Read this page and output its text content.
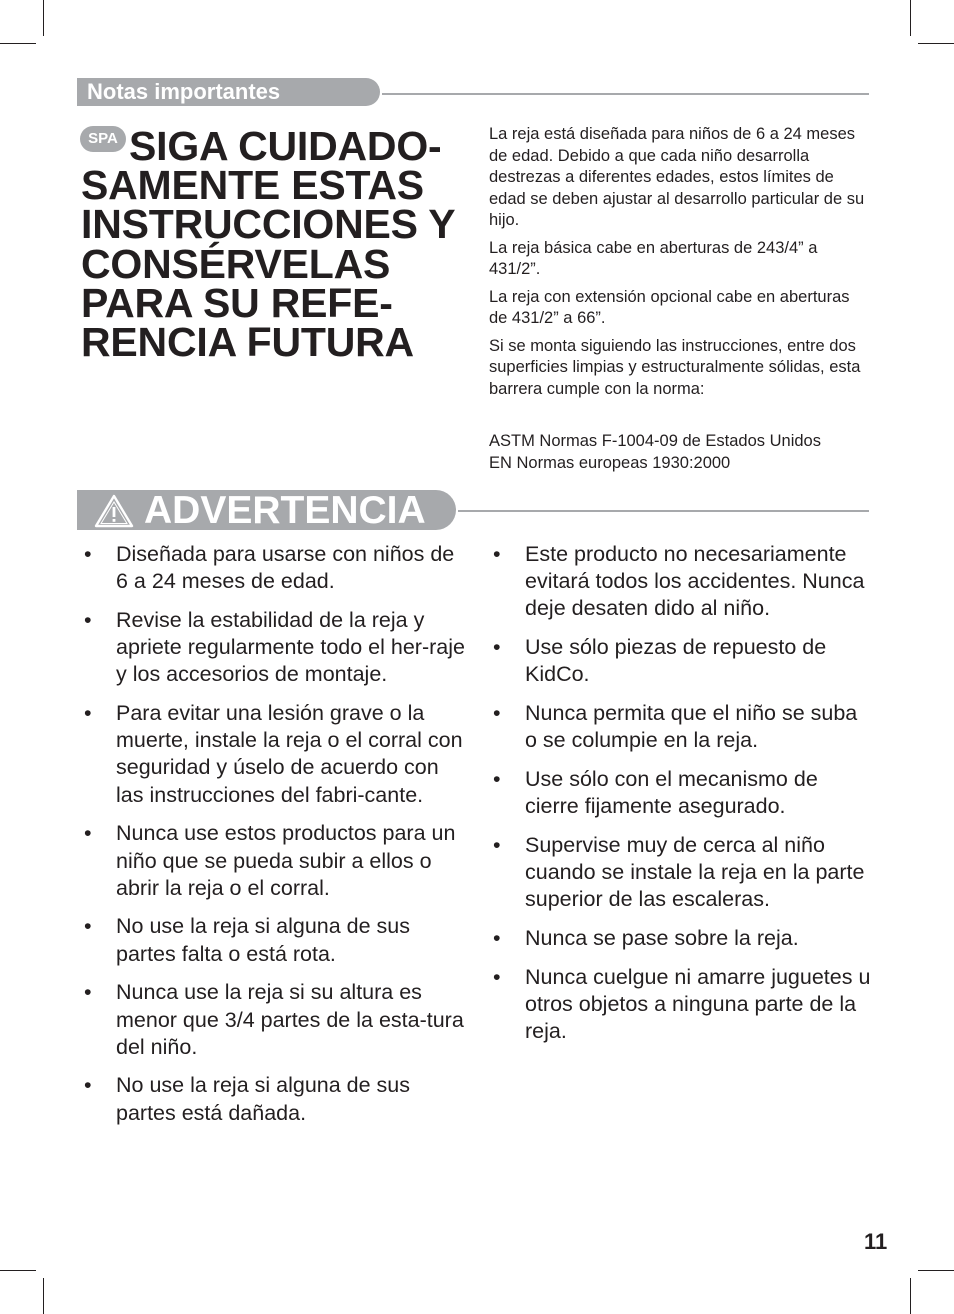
Notas importantes
SIGA CUIDADO-SAMENTE ESTAS INSTRUCCIONES Y CONSÉRVELAS PARA SU REFE-RENCIA FUTURA
SPA	La reja está diseñada para niños de 6 a 24 meses de edad. Debido a que cada niño desarrolla destrezas a diferentes edades, estos límites de edad se deben ajustar al desarrollo particular de su hijo.

La reja básica cabe en aberturas de 243/4” a 431/2”.

La reja con extensión opcional cabe en aberturas de 431/2” a 66”.

Si se monta siguiendo las instrucciones, entre dos superficies limpias y estructuralmente sólidas, esta barrera cumple con la norma:

ASTM Normas F-1004-09 de Estados Unidos
EN Normas europeas 1930:2000
ADVERTENCIA
• Diseñada para usarse con niños de 6 a 24 meses de edad.
• Revise la estabilidad de la reja y apriete regularmente todo el her-raje y los accesorios de montaje.
• Para evitar una lesión grave o la muerte, instale la reja o el corral con seguridad y úselo de acuerdo con las instrucciones del fabri-cante.
• Nunca use estos productos para un niño que se pueda subir a ellos o abrir la reja o el corral.
• No use la reja si alguna de sus partes falta o está rota.
• Nunca use la reja si su altura es menor que 3/4 partes de la esta-tura del niño.
• No use la reja si alguna de sus partes está dañada.
• Este producto no necesariamente evitará todos los accidentes. Nunca deje desaten dido al niño.
• Use sólo piezas de repuesto de KidCo.
• Nunca permita que el niño se suba o se columpie en la reja.
• Use sólo con el mecanismo de cierre fijamente asegurado.
• Supervise muy de cerca al niño cuando se instale la reja en la parte superior de las escaleras.
• Nunca se pase sobre la reja.
• Nunca cuelgue ni amarre juguetes u otros objetos a ninguna parte de la reja.
11
